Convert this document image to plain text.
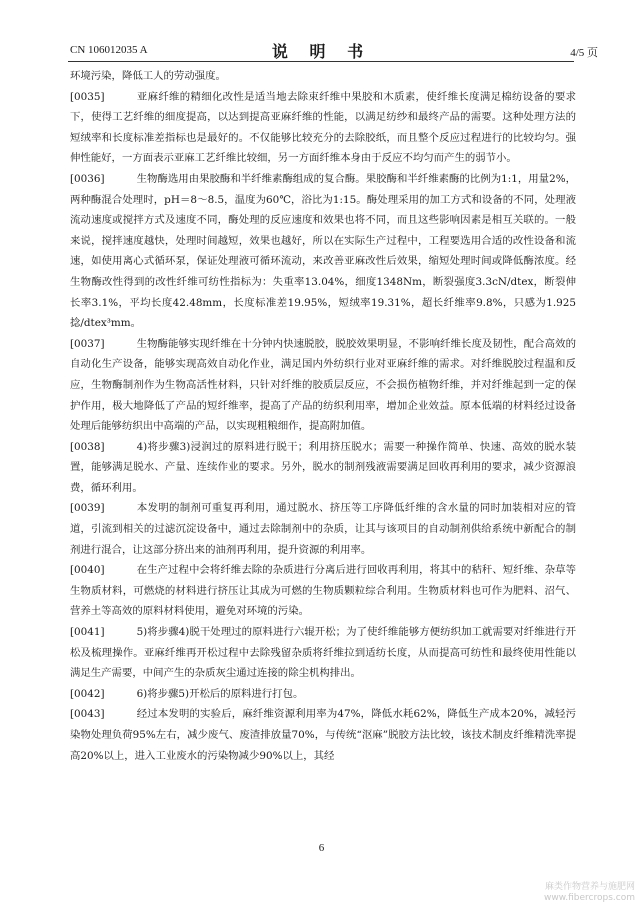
CN 106012035 A	说 明 书	4/5 页

环境污染，降低工人的劳动强度。

[0035]	亚麻纤维的精细化改性是适当地去除束纤维中果胶和木质素，使纤维长度满足棉纺设备的要求下，使得工艺纤维的细度提高，以达到提高亚麻纤维的性能，以满足纺纱和最终产品的需要。这种处理方法的短绒率和长度标准差指标也是最好的。不仅能够比较充分的去除胶纸，而且整个反应过程进行的比较均匀。强伸性能好，一方面表示亚麻工艺纤维比较细，另一方面纤维本身由于反应不均匀而产生的弱节小。

[0036]	生物酶选用由果胶酶和半纤维素酶组成的复合酶。果胶酶和半纤维素酶的比例为1:1，用量2%，两种酶混合处理时，pH＝8～8.5，温度为60℃，浴比为1:15。酶处理采用的加工方式和设备的不同，处理液流动速度或搅拌方式及速度不同，酶处理的反应速度和效果也将不同，而且这些影响因素是相互关联的。一般来说，搅拌速度越快，处理时间越短，效果也越好，所以在实际生产过程中，工程要选用合适的改性设备和流速，如使用离心式循环泵，保证处理液可循环流动，来改善亚麻改性后效果，缩短处理时间或降低酶浓度。经生物酶改性得到的改性纤维可纺性指标为：失重率13.04%，细度1348Nm，断裂强度3.3cN/dtex，断裂伸长率3.1%，平均长度42.48mm，长度标准差19.95%，短绒率19.31%，超长纤维率9.8%，只感为1.925捻/dtex³mm。

[0037]	生物酶能够实现纤维在十分钟内快速脱胶，脱胶效果明显，不影响纤维长度及韧性，配合高效的自动化生产设备，能够实现高效自动化作业，满足国内外纺织行业对亚麻纤维的需求。对纤维脱胶过程温和反应，生物酶制剂作为生物高活性材料，只针对纤维的胶质层反应，不会损伤植物纤维，并对纤维起到一定的保护作用，极大地降低了产品的短纤维率，提高了产品的纺织利用率，增加企业效益。原本低端的材料经过设备处理后能够纺织出中高端的产品，以实现粗粮细作，提高附加值。

[0038]	4)将步骤3)浸润过的原料进行脱干；利用挤压脱水；需要一种操作简单、快速、高效的脱水装置，能够满足脱水、产量、连续作业的要求。另外，脱水的制剂残液需要满足回收再利用的要求，减少资源浪费，循环利用。

[0039]	本发明的制剂可重复再利用，通过脱水、挤压等工序降低纤维的含水量的同时加装相对应的管道，引流到相关的过滤沉淀设备中，通过去除制剂中的杂质，让其与该项目的自动制剂供给系统中新配合的制剂进行混合，让这部分挤出来的油剂再利用，提升资源的利用率。

[0040]	在生产过程中会将纤维去除的杂质进行分离后进行回收再利用，将其中的秸秆、短纤维、杂草等生物质材料，可燃烧的材料进行挤压让其成为可燃的生物质颗粒综合利用。生物质材料也可作为肥料、沼气、营养土等高效的原料材料使用，避免对环境的污染。

[0041]	5)将步骤4)脱干处理过的原料进行六辊开松；为了使纤维能够方便纺织加工就需要对纤维进行开松及梳理操作。亚麻纤维再开松过程中去除残留杂质将纤维拉到适纺长度，从而提高可纺性和最终使用性能以满足生产需要，中间产生的杂质灰尘通过连接的除尘机构排出。

[0042]	6)将步骤5)开松后的原料进行打包。

[0043]	经过本发明的实验后，麻纤维资源利用率为47%，降低水耗62%，降低生产成本20%，减轻污染物处理负荷95%左右，减少废气、废渣排放量70%，与传统“沤麻”脱胶方法比较，该技术制皮纤维精洗率提高20%以上，进入工业废水的污染物减少90%以上，其经

6
麻类作物营养与施肥网
www.fibercrops.com
